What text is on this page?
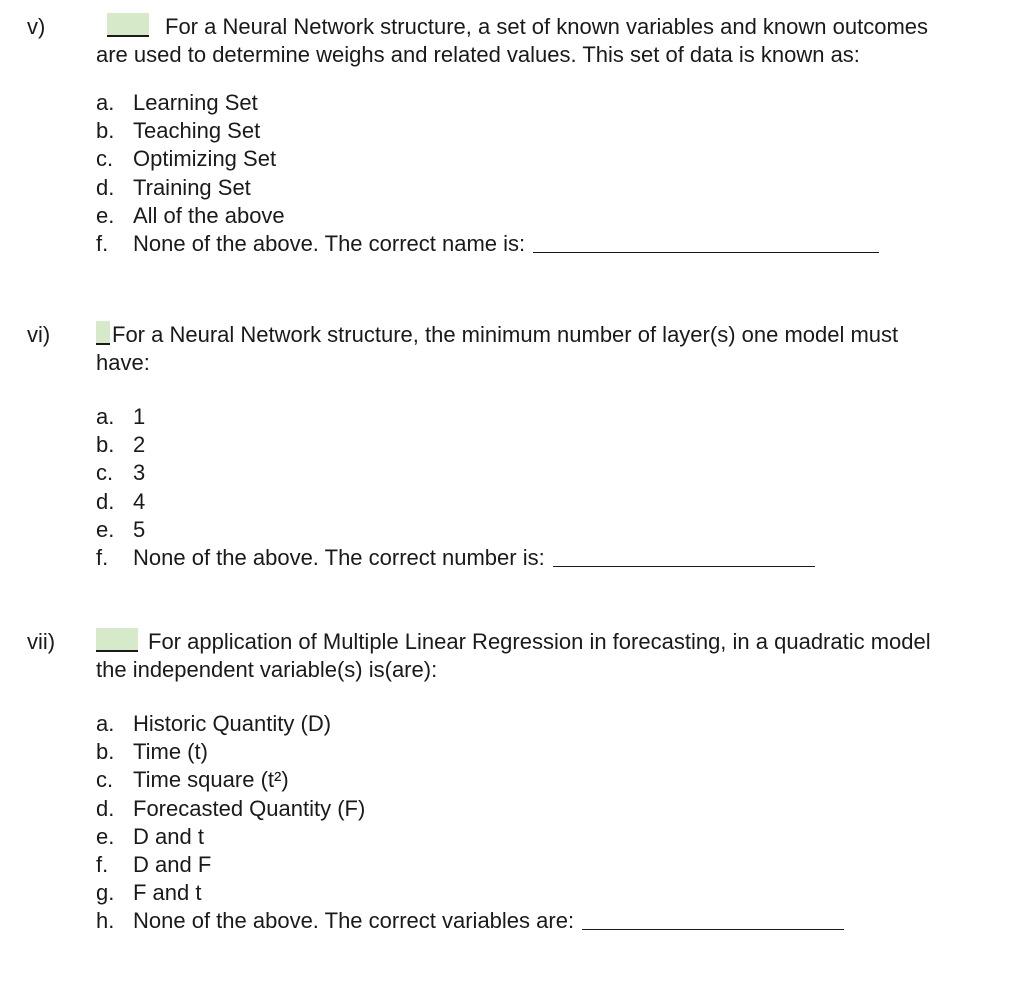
v)	For a Neural Network structure, a set of known variables and known outcomes
are used to determine weighs and related values. This set of data is known as:
a. Learning Set
b. Teaching Set
c. Optimizing Set
d. Training Set
e. All of the above
f.	None of the above. The correct name is:
vi)	For a Neural Network structure, the minimum number of layer(s) one model must
have:
a. 1
b. 2
c. 3
d. 4
e. 5
f.	None of the above. The correct number is:
vii)	For application of Multiple Linear Regression in forecasting, in a quadratic model
the independent variable(s) is(are):
a. Historic Quantity (D)
b. Time (t)
c. Time square (t²)
d. Forecasted Quantity (F)
e. D and t
f.	D and F
g. F and t
h. None of the above. The correct variables are:
